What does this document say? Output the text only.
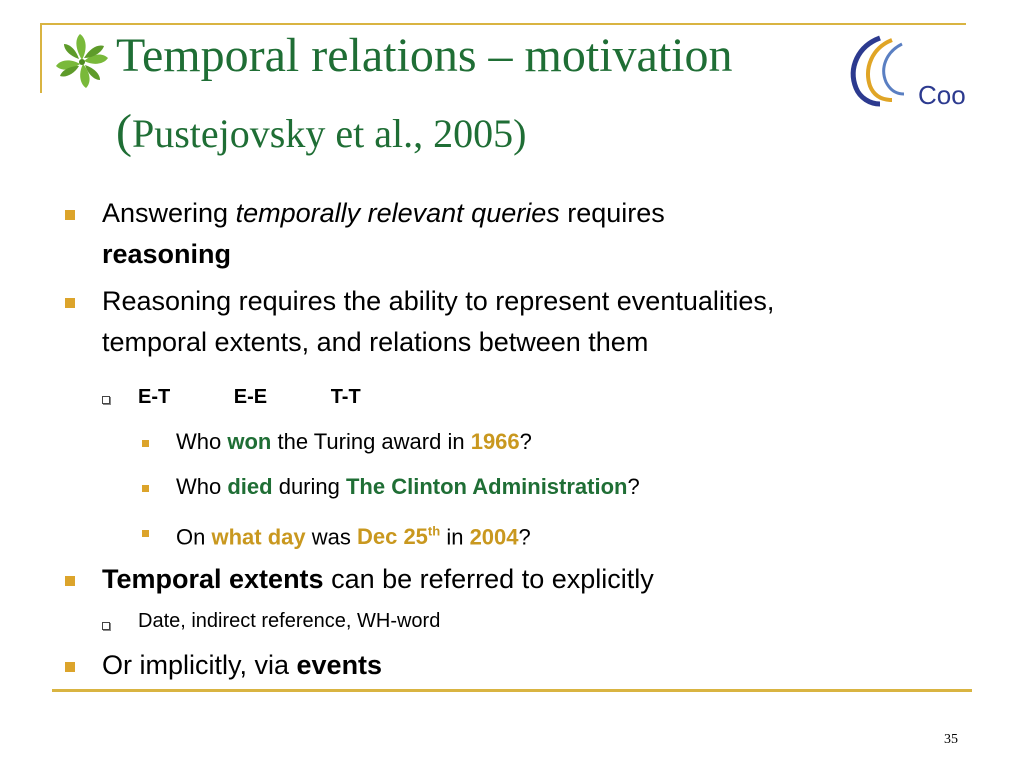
Coo
Temporal relations – motivation
(Pustejovsky et al., 2005)
Answering temporally relevant queries requires
reasoning
Reasoning requires the ability to represent eventualities,
temporal extents, and relations between them
E-T	E-E	T-T
Who won the Turing award in 1966?
Who died during The Clinton Administration?
On what day was Dec 25th in 2004?
Temporal extents can be referred to explicitly
Date, indirect reference, WH-word
Or implicitly, via events
35
